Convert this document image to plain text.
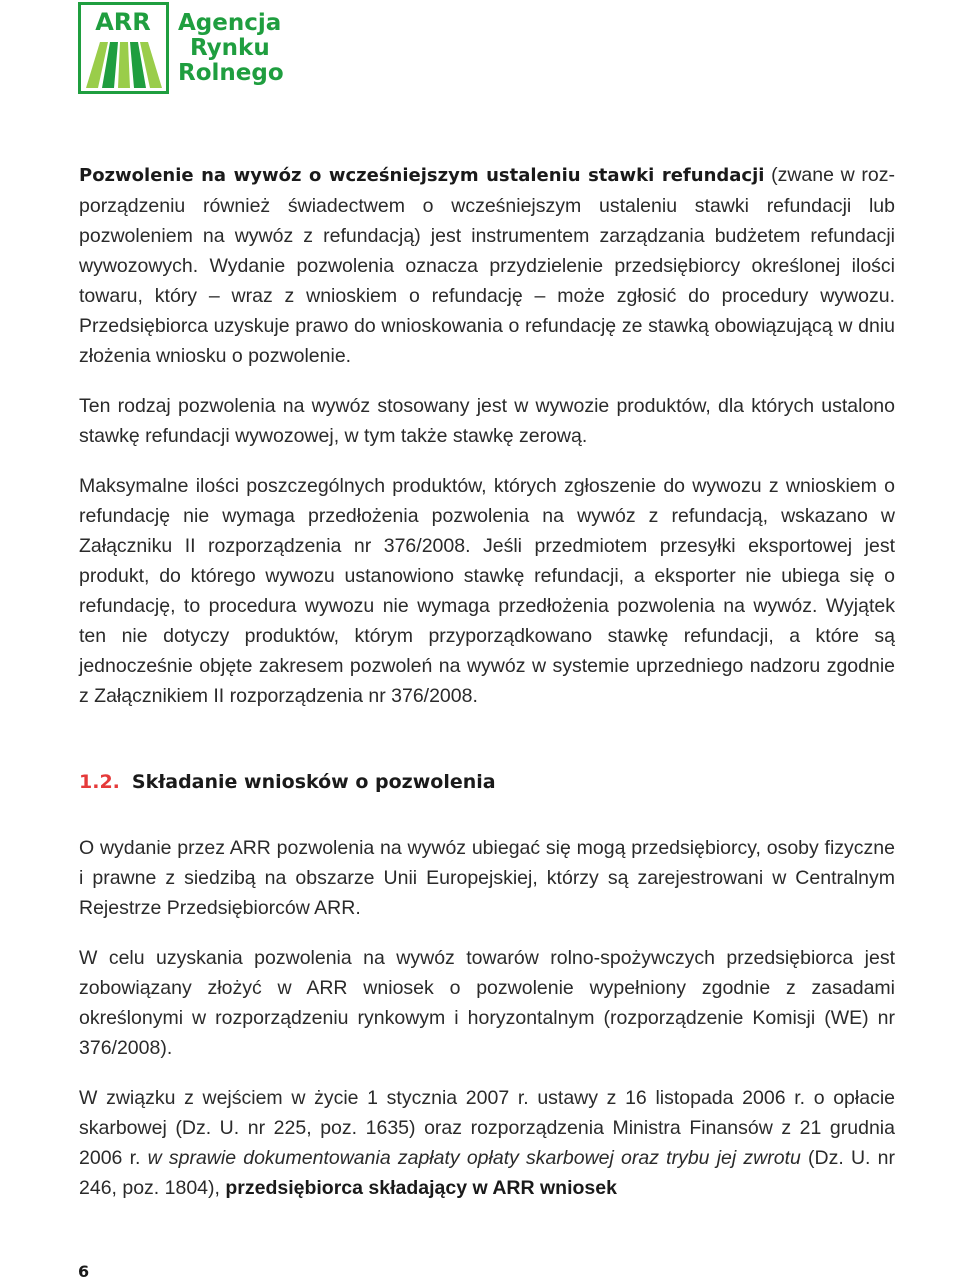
ARR Agencja
Rynku
Rolnego

Pozwolenie na wywóz o wcześniejszym ustaleniu stawki refundacji (zwane w rozporządzeniu również świadectwem o wcześniejszym ustaleniu stawki refundacji lub pozwoleniem na wywóz z refundacją) jest instrumentem zarządzania budżetem refundacji wywozowych. Wydanie pozwolenia oznacza przydzielenie przedsiębiorcy określonej ilości towaru, który – wraz z wnioskiem o refundację – może zgłosić do procedury wywozu. Przedsiębiorca uzyskuje prawo do wnioskowania o refundację ze stawką obowiązującą w dniu złożenia wniosku o pozwolenie.

Ten rodzaj pozwolenia na wywóz stosowany jest w wywozie produktów, dla których ustalono stawkę refundacji wywozowej, w tym także stawkę zerową.

Maksymalne ilości poszczególnych produktów, których zgłoszenie do wywozu z wnioskiem o refundację nie wymaga przedłożenia pozwolenia na wywóz z refundacją, wskazano w Załączniku II rozporządzenia nr 376/2008. Jeśli przedmiotem przesyłki eksportowej jest produkt, do którego wywozu ustanowiono stawkę refundacji, a eksporter nie ubiega się o refundację, to procedura wywozu nie wymaga przedłożenia pozwolenia na wywóz. Wyjątek ten nie dotyczy produktów, którym przyporządkowano stawkę refundacji, a które są jednocześnie objęte zakresem pozwoleń na wywóz w systemie uprzedniego nadzoru zgodnie z Załącznikiem II rozporządzenia nr 376/2008.

1.2. Składanie wniosków o pozwolenia

O wydanie przez ARR pozwolenia na wywóz ubiegać się mogą przedsiębiorcy, osoby fizyczne i prawne z siedzibą na obszarze Unii Europejskiej, którzy są zarejestrowani w Centralnym Rejestrze Przedsiębiorców ARR.

W celu uzyskania pozwolenia na wywóz towarów rolno-spożywczych przedsiębiorca jest zobowiązany złożyć w ARR wniosek o pozwolenie wypełniony zgodnie z zasadami określonymi w rozporządzeniu rynkowym i horyzontalnym (rozporządzenie Komisji (WE) nr 376/2008).

W związku z wejściem w życie 1 stycznia 2007 r. ustawy z 16 listopada 2006 r. o opłacie skarbowej (Dz. U. nr 225, poz. 1635) oraz rozporządzenia Ministra Finansów z 21 grudnia 2006 r. w sprawie dokumentowania zapłaty opłaty skarbowej oraz trybu jej zwrotu (Dz. U. nr 246, poz. 1804), przedsiębiorca składający w ARR wniosek

6
